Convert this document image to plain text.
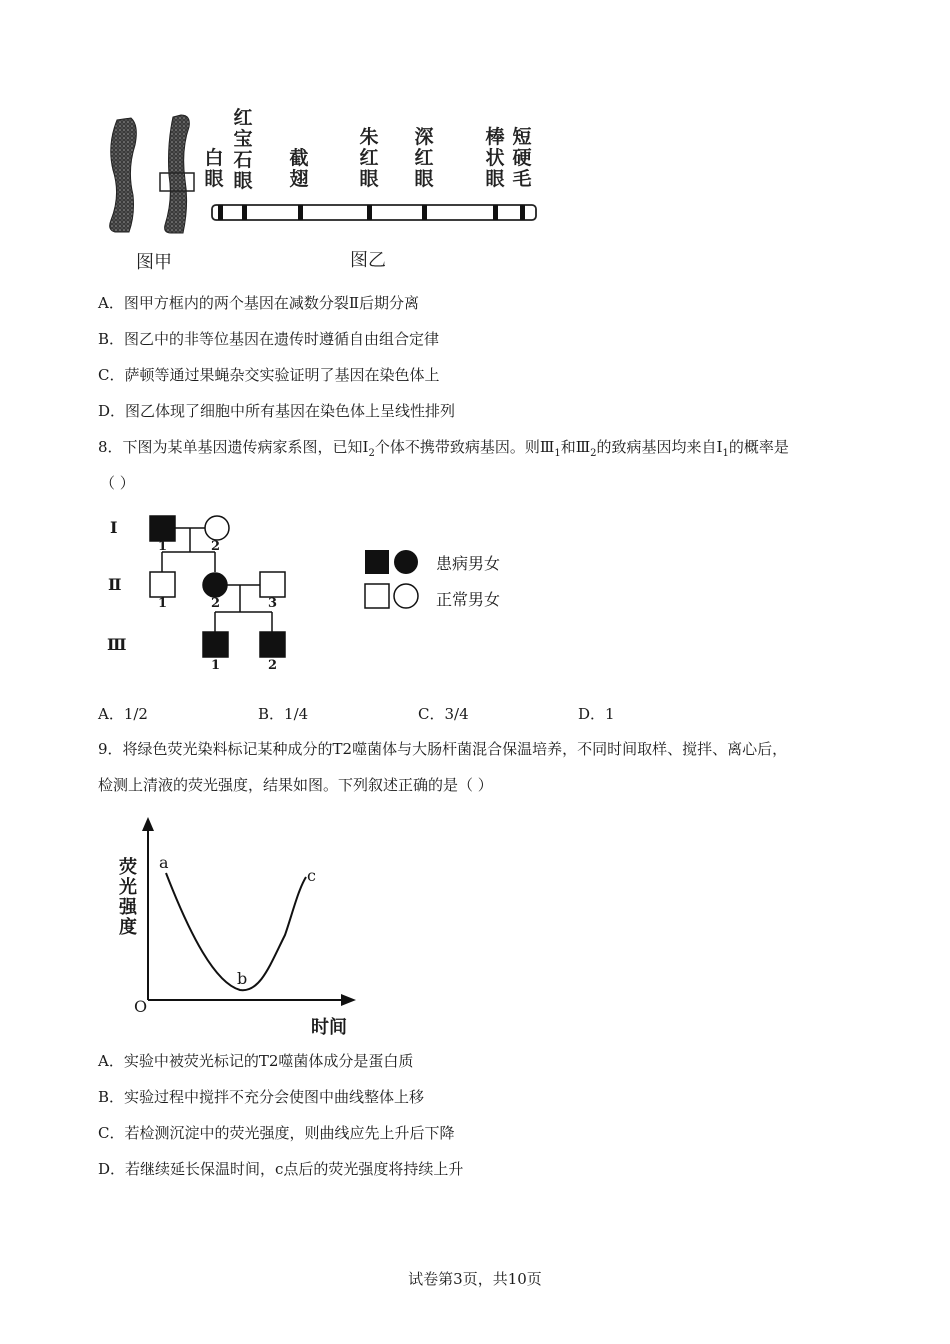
白眼
红宝石眼
截翅
朱红眼
深红眼
棒状眼
短硬毛
图甲	图乙
A．图甲方框内的两个基因在减数分裂Ⅱ后期分离
B．图乙中的非等位基因在遗传时遵循自由组合定律
C．萨顿等通过果蝇杂交实验证明了基因在染色体上
D．图乙体现了细胞中所有基因在染色体上呈线性排列
8．下图为某单基因遗传病家系图，已知$I_2$个体不携带致病基因。则$Ⅲ_1$和$Ⅲ_2$的致病基因均来自$I_1$的概率是
（ ）
I
Ⅱ
Ⅲ
1	2
1	2	3
1	2
患病男女
正常男女
A．1/2	B．1/4	C．3/4	D．1
9．将绿色荧光染料标记某种成分的T2噬菌体与大肠杆菌混合保温培养，不同时间取样、搅拌、离心后，
检测上清液的荧光强度，结果如图。下列叙述正确的是（ ）
荧光强度
时间
O
a
b
c
A．实验中被荧光标记的T2噬菌体成分是蛋白质
B．实验过程中搅拌不充分会使图中曲线整体上移
C．若检测沉淀中的荧光强度，则曲线应先上升后下降
D．若继续延长保温时间，c点后的荧光强度将持续上升
试卷第3页，共10页
